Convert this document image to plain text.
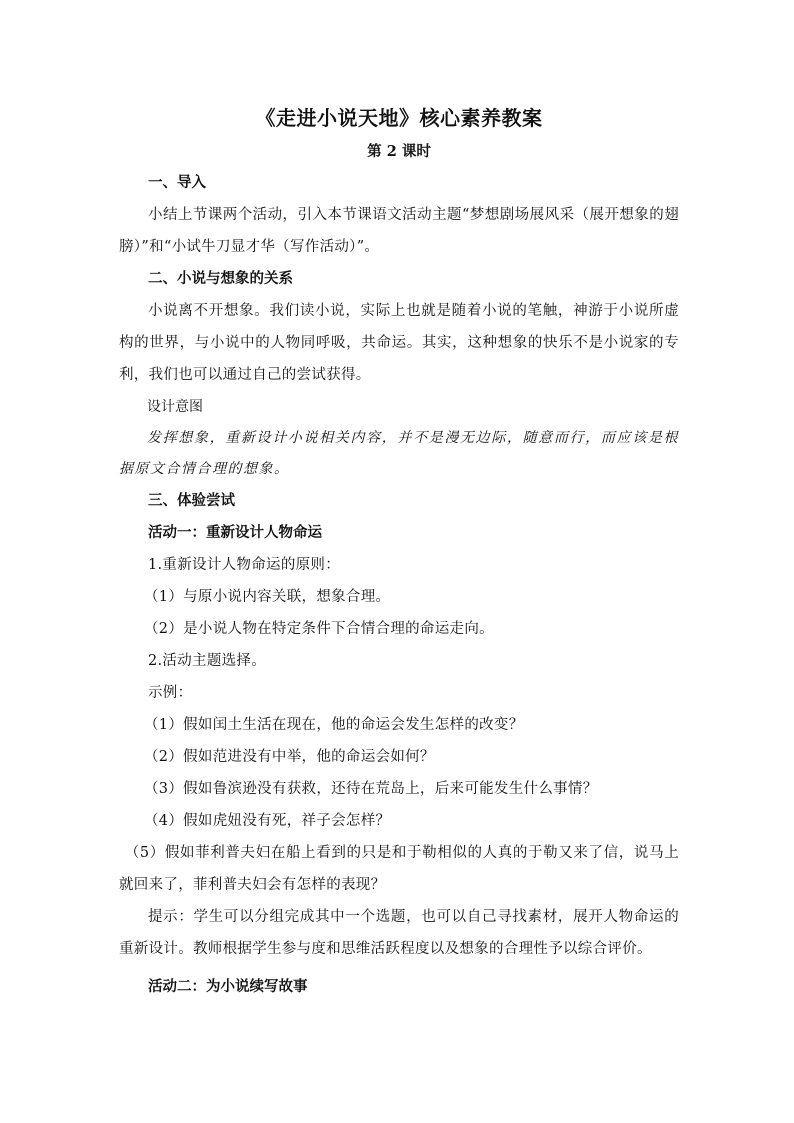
《走进小说天地》核心素养教案
第 2 课时
一、导入

小结上节课两个活动，引入本节课语文活动主题“梦想剧场展风采（展开想象的翅膀）”和“小试牛刀显才华（写作活动）”。

二、小说与想象的关系

小说离不开想象。我们读小说，实际上也就是随着小说的笔触，神游于小说所虚构的世界，与小说中的人物同呼吸，共命运。其实，这种想象的快乐不是小说家的专利，我们也可以通过自己的尝试获得。

设计意图

发挥想象，重新设计小说相关内容，并不是漫无边际，随意而行，而应该是根据原文合情合理的想象。

三、体验尝试
活动一：重新设计人物命运

1.重新设计人物命运的原则：

（1）与原小说内容关联，想象合理。

（2）是小说人物在特定条件下合情合理的命运走向。

2.活动主题选择。

示例：

（1）假如闰土生活在现在，他的命运会发生怎样的改变？

（2）假如范进没有中举，他的命运会如何？

（3）假如鲁滨逊没有获救，还待在荒岛上，后来可能发生什么事情？

（4）假如虎妞没有死，祥子会怎样？

（5）假如菲利普夫妇在船上看到的只是和于勒相似的人真的于勒又来了信，说马上就回来了，菲利普夫妇会有怎样的表现？

提示：学生可以分组完成其中一个选题，也可以自己寻找素材，展开人物命运的重新设计。教师根据学生参与度和思维活跃程度以及想象的合理性予以综合评价。

活动二：为小说续写故事
